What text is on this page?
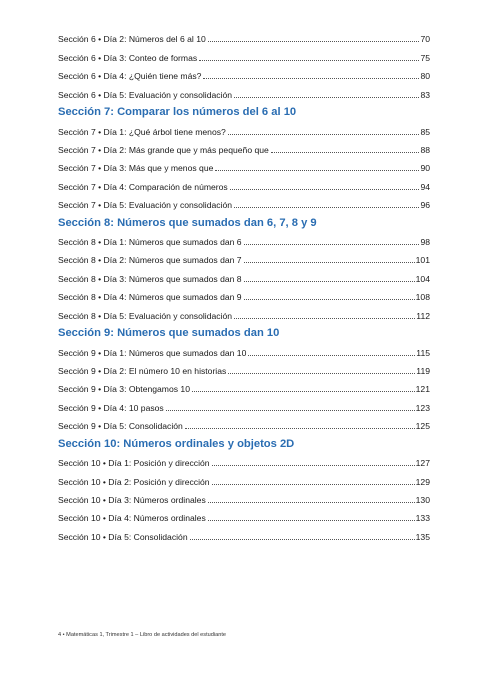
Sección 6 • Día 2: Números del 6 al 10	70
Sección 6 • Día 3: Conteo de formas	75
Sección 6 • Día 4: ¿Quién tiene más?	80
Sección 6 • Día 5: Evaluación y consolidación	83
Sección 7: Comparar los números del 6 al 10
Sección 7 • Día 1: ¿Qué árbol tiene menos?	85
Sección 7 • Día 2: Más grande que y más pequeño que	88
Sección 7 • Día 3: Más que y menos que	90
Sección 7 • Día 4: Comparación de números	94
Sección 7 • Día 5: Evaluación y consolidación	96
Sección 8: Números que sumados dan 6, 7, 8 y 9
Sección 8 • Día 1: Números que sumados dan 6	98
Sección 8 • Día 2: Números que sumados dan 7	101
Sección 8 • Día 3: Números que sumados dan 8	104
Sección 8 • Día 4: Números que sumados dan 9	108
Sección 8 • Día 5: Evaluación y consolidación	112
Sección 9: Números que sumados dan 10
Sección 9 • Día 1: Números que sumados dan 10	115
Sección 9 • Día 2: El número 10 en historias	119
Sección 9 • Día 3: Obtengamos 10	121
Sección 9 • Día 4: 10 pasos	123
Sección 9 • Día 5: Consolidación	125
Sección 10: Números ordinales y objetos 2D
Sección 10 • Día 1: Posición y dirección	127
Sección 10 • Día 2: Posición y dirección	129
Sección 10 • Día 3: Números ordinales	130
Sección 10 • Día 4: Números ordinales	133
Sección 10 • Día 5: Consolidación	135
4 • Matemáticas 1, Trimestre 1 – Libro de actividades del estudiante
